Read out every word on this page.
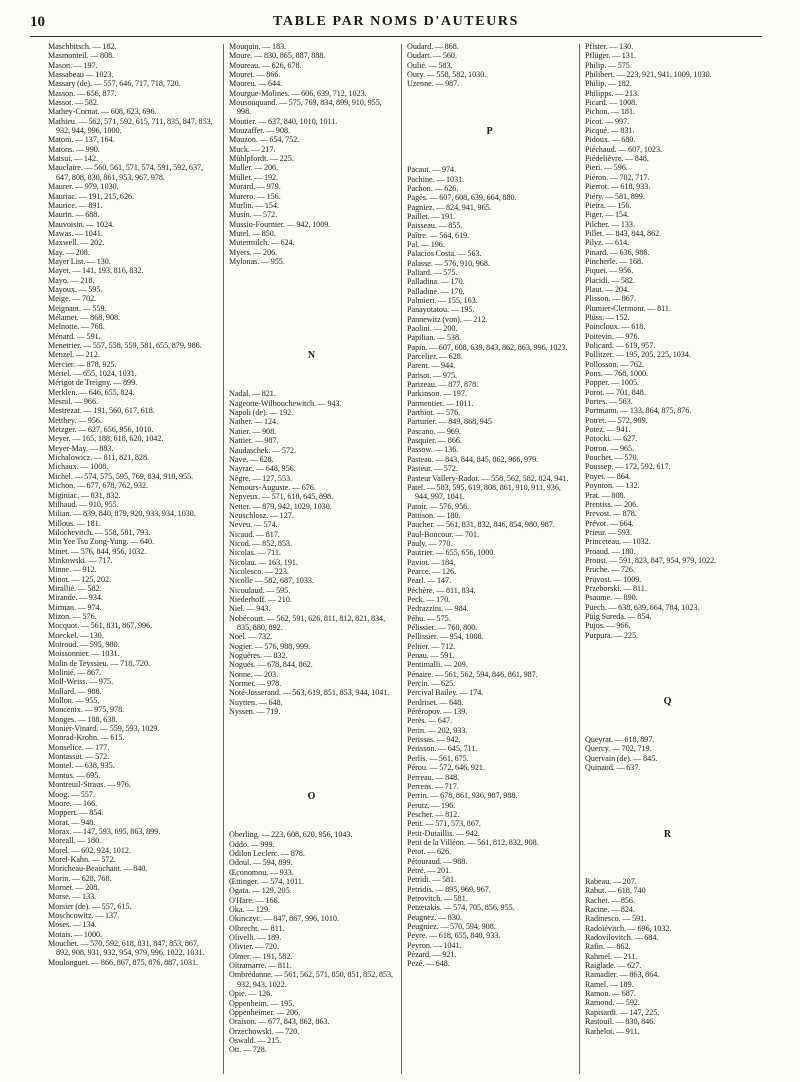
10	TABLE PAR NOMS D'AUTEURS
Maschbitsch. — 182.
Masmonteil. — 808.
Mason. — 197.
Massabeau — 1023.
Massary (de). — 557, 646, 717, 718, 720.
Masson. — 656, 877.
Massot. — 582.
Mathey-Cornat. — 608, 623, 696.
Mathieu. — 562, 571, 592, 615, 711, 835, 847, 853, 932, 944, 996, 1000.
Matoni. — 137, 164.
Matons. — 990.
Matsui. — 142.
Mauclaire. — 560, 561, 571, 574, 591, 592, 637, 647, 808, 830, 861, 953, 967, 978.
Maurer. — 979, 1030.
Mauriac. — 191, 215, 626.
Maurice. — 891.
Maurin. — 688.
Mauvoisin. — 1024.
Mawas. — 1041.
Maxwell. — 202.
May. — 208.
Mayer List. — 130.
Mayet. — 141, 193, 816, 832.
Mayo. — 218.
Mayoux. — 595.
Meige. — 702.
Meignant. — 559.
Mélamet. — 868, 908.
Melnotte. — 768.
Ménard. — 591.
Menetrier. — 557, 558, 559, 581, 655, 879, 986.
Menzel. — 212.
Mercier. — 878, 925.
Mériel. — 655, 1024, 1031.
Mérigot de Treigny. — 899.
Merklen. — 646, 655, 824.
Mesnil. — 966.
Mestrezat. — 191, 560, 617, 618.
Metthey. — 956.
Metzger. — 627, 656, 956, 1010.
Meyer. — 165, 188, 618, 620, 1042.
Meyer-May. — 883.
Michalowicz. — 811, 821, 828.
Michaux. — 1008.
Michel. — 574, 575, 595, 769, 834, 910, 955.
Michon. — 677, 678, 762, 932.
Miginiac. — 831, 832.
Milhaud. — 910, 955.
Milian. — 839, 840, 879, 920, 933, 934, 1030.
Millous. — 181.
Milochevitch. — 558, 581, 793.
Min Yee Tsu Zong-Yung. — 640.
Minet. — 576, 844, 956, 1032.
Minkowski. — 717.
Minne. — 912.
Minot. — 125, 202.
Mirallié. — 582.
Mirande. — 934.
Mirman. — 974.
Mizon. — 576.
Mocquot. — 561, 831, 867, 996.
Moeckel. — 130.
Moiroud. — 595, 980.
Moissonnier. — 1031.
Molin de Teyssieu. — 718, 720.
Molinié. — 867.
Moll-Weiss. — 975.
Mollard. — 988.
Mollon. — 955.
Moncenix. — 975, 978.
Monges. — 188, 638.
Monier-Vinard. — 559, 593, 1029.
Monrad-Krohn. — 615.
Monselice. — 177.
Montassut. — 572.
Montel. — 638, 935.
Montus. — 695.
Montreuil-Straus. — 976.
Moog. — 557.
Moore. — 166.
Moppert. — 854.
Morat. — 948.
Morax. — 147, 593, 695, 863, 899.
Moreall. — 180.
Morel. — 602, 924, 1012.
Morel-Kahn. — 572.
Moricheau-Beauchant. — 840.
Morin. — 628, 768.
Mornet. — 208.
Morse. — 133.
Morsier (de). — 557, 615.
Moschcowitz. — 137.
Moses. — 134.
Motais. — 1000.
Mouchet. — 570, 592, 618, 831, 847, 853, 867, 892, 908, 931, 932, 954, 979, 996, 1022, 1031.
Moulonguet. — 866, 867, 875, 876, 887, 1031.
Mouquin. — 183.
Moure. — 830, 865, 887, 888.
Moureau. — 626, 678.
Mouret. — 866.
Moureu. — 644.
Mourgue-Molines. — 606, 639, 712, 1023.
Mousouquand. — 575, 769, 834, 899, 910, 955, 998.
Moutier. — 637, 840, 1010, 1011.
Mouzaffer. — 908.
Mouzon. — 654, 752.
Muck. — 217.
Mühlpfordt. — 225.
Muller. — 206.
Müller. — 192.
Murard. — 979.
Murero. — 156.
Murlin. — 154.
Musin. — 572.
Mussio-Fournier. — 942, 1009.
Mutel. — 850.
Mutermilch. — 624.
Myers. — 206.
Mylonas. — 955.
N
Nadal. — 821.
Nageotte-Wilbouchewitch. — 943.
Napoli (de). — 192.
Nather. — 124.
Natier. — 908.
Nattier. — 987.
Naudaschek. — 572.
Nave. — 628.
Nayrac. — 648, 956.
Nègre. — 127, 553.
Nemours-Auguste. — 676.
Nepveux. — 571, 618, 645, 898.
Netter. — 879, 942, 1029, 1030.
Neuschlosz. — 127.
Neveu. — 574.
Nicaud. — 817.
Nicod. — 852, 853.
Nicolas. — 711.
Nicolau. — 163, 191.
Nicolesco. — 223.
Nicolle — 582, 687, 1033.
Nicoulaud. — 595.
Niederhoff. — 210.
Niel. — 943.
Nobécourt. — 562, 591, 626, 811, 812, 821, 834, 835, 880, 892.
Noël. — 732.
Nogier. — 576, 988, 999.
Noguères. — 832.
Nogués. — 678, 844, 862.
Nonne. — 203.
Normet. — 978.
Noté-Josserand. — 563, 619, 851, 853, 944, 1041.
Nuytten. — 648.
Nyssen. — 719.
O
Oberling. — 223, 608, 620, 956, 1043.
Oddo. — 999.
Odilon Leclerc. — 878.
Odoul. — 594, 899.
Œconomou. — 933.
Œttinger. — 574, 1011.
Ogata. — 129, 205.
O'Hare. — 166.
Oka. — 129.
Okinczyc. — 847, 867, 996, 1010.
Olbrecht. — 811.
Olivelli. — 189.
Olivier. — 720.
Olmer. — 191, 582.
Oltramarre. — 811.
Ombrédanne. — 561, 562, 571, 850, 851, 852, 853, 932, 943, 1022.
Opie. — 126.
Oppenheim. — 195.
Oppenheimer. — 206.
Oraison. — 677, 843, 862, 863.
Orzechowski. — 720.
Oswald. — 215.
Ott. — 728.
Oudard. — 868.
Oudart. — 560.
Oulié. — 583.
Oury. — 558, 582, 1030.
Uzenne. — 987.
P
Pacaut. — 974.
Pachine. — 1031.
Pachon. — 626.
Pagès. — 607, 608, 639, 664, 880.
Pagniez. — 824, 941, 965.
Paillet. — 191.
Paisseau. — 855.
Paître. — 564, 619.
Pal. — 196.
Palacios Costa. — 563.
Palasse. — 576, 910, 968.
Paliard. — 575.
Palladina. — 170.
Palladine. — 170.
Palmieri. — 155, 163.
Panayotatou. — 195.
Pannewitz (von). — 212.
Paolini. — 200.
Papilian. — 538.
Papin. — 607, 608, 639, 843, 862, 863, 996, 1023.
Parcelier. — 628.
Parent. — 944.
Parisot. — 975.
Parizeau. — 877, 878.
Parkinson. — 197.
Parmentier. — 1011.
Parthiot. — 576.
Parturier. — 849, 868, 945
Pascano. — 969.
Pasquier. — 866.
Passow. — 136.
Pasteau. — 843, 844, 845, 862, 966, 979.
Pasteur. — 572.
Pasteur Vallery-Radot. — 558, 562, 582, 824, 941.
Patel. — 583, 595, 619, 808, 861, 910, 911, 936, 944, 997, 1041.
Patoir. — 576, 956.
Pattison. — 180.
Paucher. — 561, 831, 832, 846, 854, 980, 987.
Paul-Boncour. — 701.
Pauly. — 770.
Pautrier. — 655, 656, 1000.
Paviot. — 184.
Pearce. — 126.
Pearl. — 147.
Péchère. — 811, 834.
Peck. — 170.
Pedrazzini. — 984.
Péhu. — 575.
Pélissier. — 760, 800.
Pellissier. — 954, 1008.
Peltier. — 712.
Penau. — 591.
Pentimalli. — 209.
Pénaire. — 561, 562, 594, 846, 861, 987.
Percin. — 625.
Percival Bailey. — 174.
Perdriset. — 648.
Péréropov. — 139.
Perès. — 647.
Perin. — 202, 933.
Perissas. — 942.
Perisson. — 645, 711.
Perlis. — 561, 675.
Pérou. — 572, 646, 921.
Perreau. — 848.
Perrens. — 717.
Perrin. — 678, 861, 936, 987, 988.
Perutz. — 196.
Pescher. — 812.
Petit. — 571, 573, 867.
Petit-Dutaillis. — 942.
Petit de la Villéon. — 561, 812, 832, 908.
Petot. — 626.
Pétouraud. — 988.
Petré. — 201.
Petridi. — 581.
Petridis. — 895, 969, 967.
Petrovitch. — 581.
Petzetakis. — 574, 705, 856, 955.
Peugnez. — 830.
Peugniez. — 570, 594, 908.
Peyre. — 618, 655, 840, 933.
Peyron. — 1041.
Pézard. — 921.
Pezé. — 648.
Pfister. — 130.
Pflüger. — 131.
Philip. — 575.
Philibert. — 223, 921, 941, 1009, 1030.
Philip. — 182.
Philipps. — 213.
Picard. — 1008.
Pichon. — 181.
Picot. — 997.
Picqué. — 831.
Pidoux. — 680.
Piéchaud. — 607, 1023.
Piédelièvre. — 848.
Pieri. — 596.
Piéron. — 702, 717.
Pierrot. — 618, 933.
Piéry. — 581, 899.
Pietra. — 156.
Piger. — 154.
Pilcher. — 133.
Pillet. — 843, 844, 862.
Pilyz. — 614.
Pinard. — 636, 986.
Pincherle. — 168.
Piquet. — 956.
Placidi. — 582.
Plaut. — 204.
Plisson. — 867.
Plumier-Clermont. — 811.
Plüss. — 152.
Poincloux. — 618.
Poitevin. — 976.
Policard. — 619, 957.
Pollitzer. — 195, 205, 225, 1034.
Pollosson. — 762.
Pons. — 768, 1000.
Popper. — 1005.
Porot. — 701, 848.
Portes. — 563.
Portmann. — 133, 864, 875, 876.
Potret. — 572, 909.
Potez. — 941.
Potocki. — 627.
Potron. — 965.
Pouchet. — 570.
Poussep. — 172, 592, 617.
Poyet. — 864.
Poynton. — 132.
Prat. — 808.
Prentiss. — 206.
Prevost. — 878.
Prévot. — 664.
Prieur. — 593.
Princeteau. — 1032.
Proaud. — 180.
Proust. — 591, 823, 847, 954, 979, 1022.
Pruche. — 726.
Pruvost. — 1009.
Przeborski. — 811.
Psaume. — 890.
Puech. — 638, 639, 664, 784, 1023.
Puig Sureda. — 854.
Pujos. — 966.
Purpura. — 225.
Q
Queyrat. — 618, 897.
Quercy. — 702, 719.
Quervain (de). — 845.
Quinaud. — 637.
R
Rabeau. — 207.
Rabut. — 618, 740
Rachet. — 856.
Racine. — 824.
Radinesco. — 591.
Radoïévitch. — 696, 1032.
Radovilovitch. — 684.
Rafin. — 862.
Rahmel. — 211.
Raiglade. — 627.
Ramadier. — 863, 864.
Ramel. — 189.
Ramon. — 687.
Ramond. — 592.
Rapisardi. — 147, 225.
Rastouil. — 830, 846.
Rathelot. — 911.
